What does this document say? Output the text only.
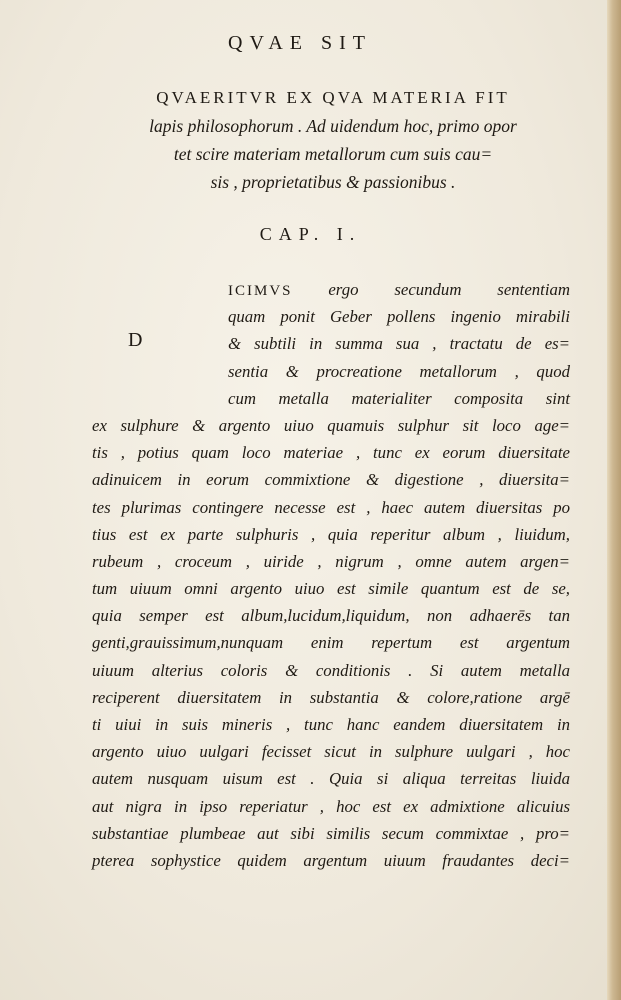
QVAE SIT

QVAERITVR EX QVA MATERIA FIT

lapis philosophorum . Ad uidendum hoc, primo opor

tet scire materiam metallorum cum suis cau=

sis , proprietatibus & passionibus .

CAP. I.
D
ICIMVS ergo secundum sententiam
quam ponit Geber pollens ingenio mirabili
& subtili in summa sua , tractatu de es=
sentia & procreatione metallorum , quod
cum metalla materialiter composita sint
ex sulphure & argento uiuo quamuis sulphur sit loco age=
tis , potius quam loco materiae , tunc ex eorum diuersitate
adinuicem in eorum commixtione & digestione , diuersita=
tes plurimas contingere necesse est , haec autem diuersitas po
tius est ex parte sulphuris , quia reperitur album , liuidum,
rubeum , croceum , uiride , nigrum , omne autem argen=
tum uiuum omni argento uiuo est simile quantum est de se,
quia semper est album,lucidum,liquidum, non adhaerēs tan
genti,grauissimum,nunquam enim repertum est argentum
uiuum alterius coloris & conditionis . Si autem metalla
reciperent diuersitatem in substantia & colore,ratione argē
ti uiui in suis mineris , tunc hanc eandem diuersitatem in
argento uiuo uulgari fecisset sicut in sulphure uulgari , hoc
autem nusquam uisum est . Quia si aliqua terreitas liuida
aut nigra in ipso reperiatur , hoc est ex admixtione alicuius
substantiae plumbeae aut sibi similis secum commixtae , pro=
pterea sophystice quidem argentum uiuum fraudantes deci=
